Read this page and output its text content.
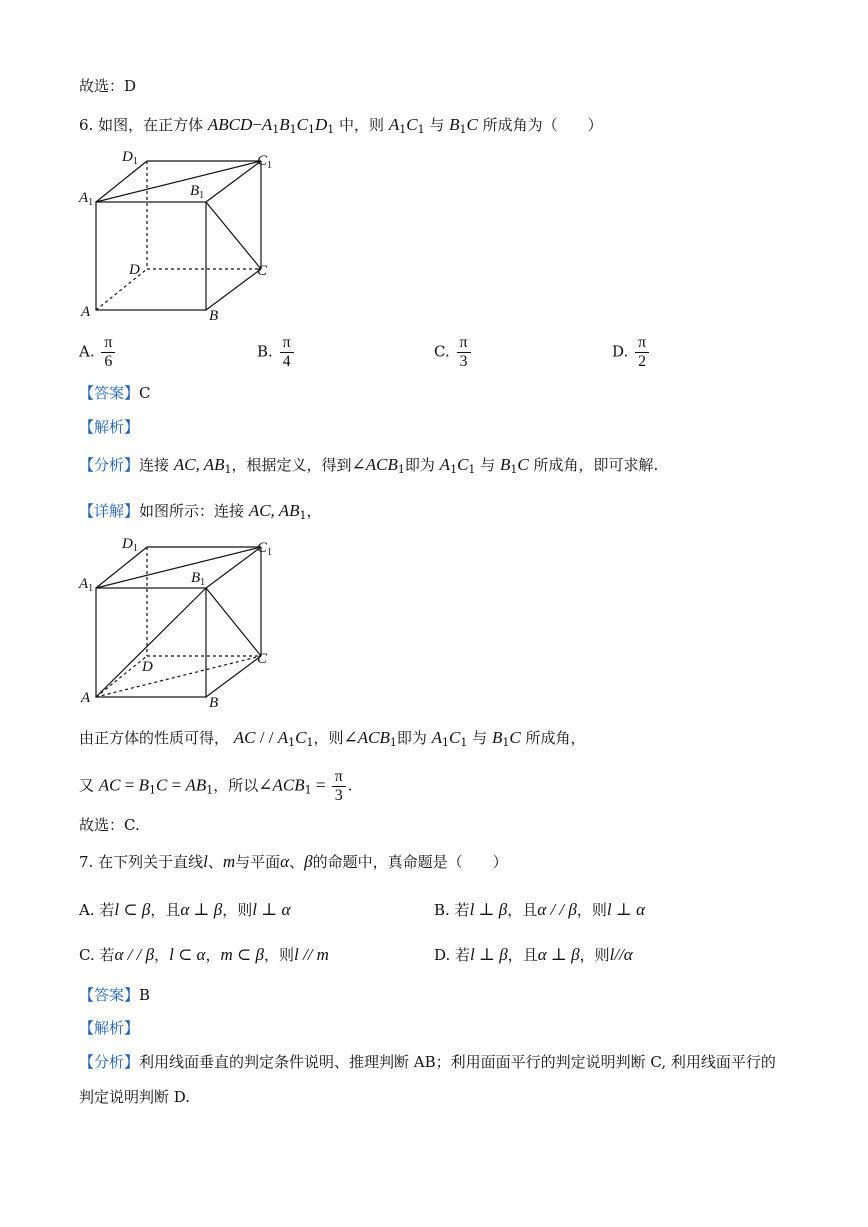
故选：D
6. 如图，在正方体 $ABCD-A_1B_1C_1D_1$ 中，则 $A_1C_1$ 与 $B_1C$ 所成角为（　　）
$D_1$	$C_1$
$A_1$
$B_1$
D	C
A	B
A. $\frac{\pi}{6}$	B. $\frac{\pi}{4}$	C. $\frac{\pi}{3}$	D. $\frac{\pi}{2}$
【答案】C
【解析】
【分析】连接 AC, $AB_1$，根据定义，得到$\angle ACB_1$即为 $A_1C_1$ 与 $B_1C$ 所成角，即可求解.
【详解】如图所示：连接 AC, $AB_1$，
$D_1$	$C_1$
$A_1$
$B_1$
D	C
A	B
由正方体的性质可得， AC / / $A_1C_1$，则$\angle ACB_1$即为 $A_1C_1$ 与 $B_1C$ 所成角，
又 AC = $B_1C = AB_1$，所以$\angle ACB_1 = \frac{\pi}{3}$ .
故选：C.
7. 在下列关于直线l、m与平面α、β的命题中，真命题是（　　）
A. 若l ⊂ β，且α ⊥ β，则l ⊥ α	B. 若l ⊥ β，且α / / β，则l ⊥ α
C. 若α / / β，l ⊂ α，m ⊂ β，则l // m	D. 若l ⊥ β，且α ⊥ β，则l//α
【答案】B
【解析】
【分析】利用线面垂直的判定条件说明、推理判断 AB；利用面面平行的判定说明判断 C, 利用线面平行的
判定说明判断 D.
